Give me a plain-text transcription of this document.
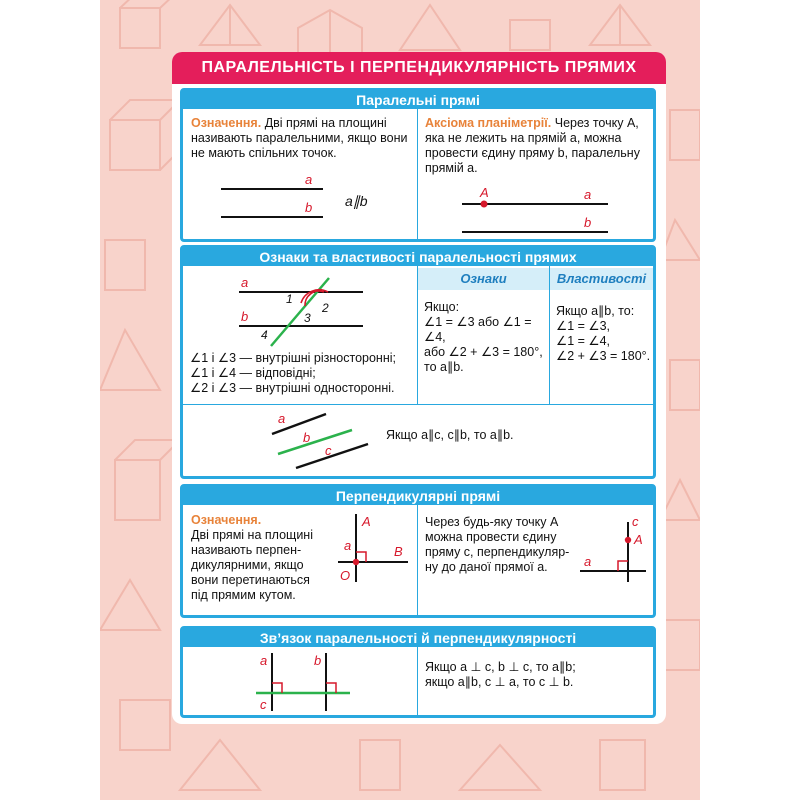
ПАРАЛЕЛЬНІСТЬ І ПЕРПЕНДИКУЛЯРНІСТЬ ПРЯМИХ
Паралельні прямі
Означення. Дві прямі на площині
називають паралельними, якщо вони
не мають спільних точок.
a
b a∥b
Аксіома планіметрії. Через точку A,
яка не лежить на прямій a, можна
провести єдину пряму b, паралельну
прямій a.
A	a
b
Ознаки та властивості паралельності прямих
Ознаки	Властивості
a
b
1
2
3
4
∠1 і ∠3 — внутрішні різносторонні;
∠1 і ∠4 — відповідні;
∠2 і ∠3 — внутрішні односторонні.
Якщо:
∠1 = ∠3 або ∠1 = ∠4,
або ∠2 + ∠3 = 180°,
то a∥b.
Якщо a∥b, то:
∠1 = ∠3,
∠1 = ∠4,
∠2 + ∠3 = 180°.
a
b
c
Якщо a∥c, c∥b, то a∥b.
Перпендикулярні прямі
Означення.
Дві прямі на площині
називають перпен-
дикулярними, якщо
вони перетинаються
під прямим кутом.
A
B
a
O
Через будь-яку точку A
можна провести єдину
пряму c, перпендикуляр-
ну до даної прямої a.
c
A
a
Зв’язок паралельності й перпендикулярності
a	b
c
Якщо a ⊥ c, b ⊥ c, то a∥b;
якщо a∥b, c ⊥ a, то c ⊥ b.
